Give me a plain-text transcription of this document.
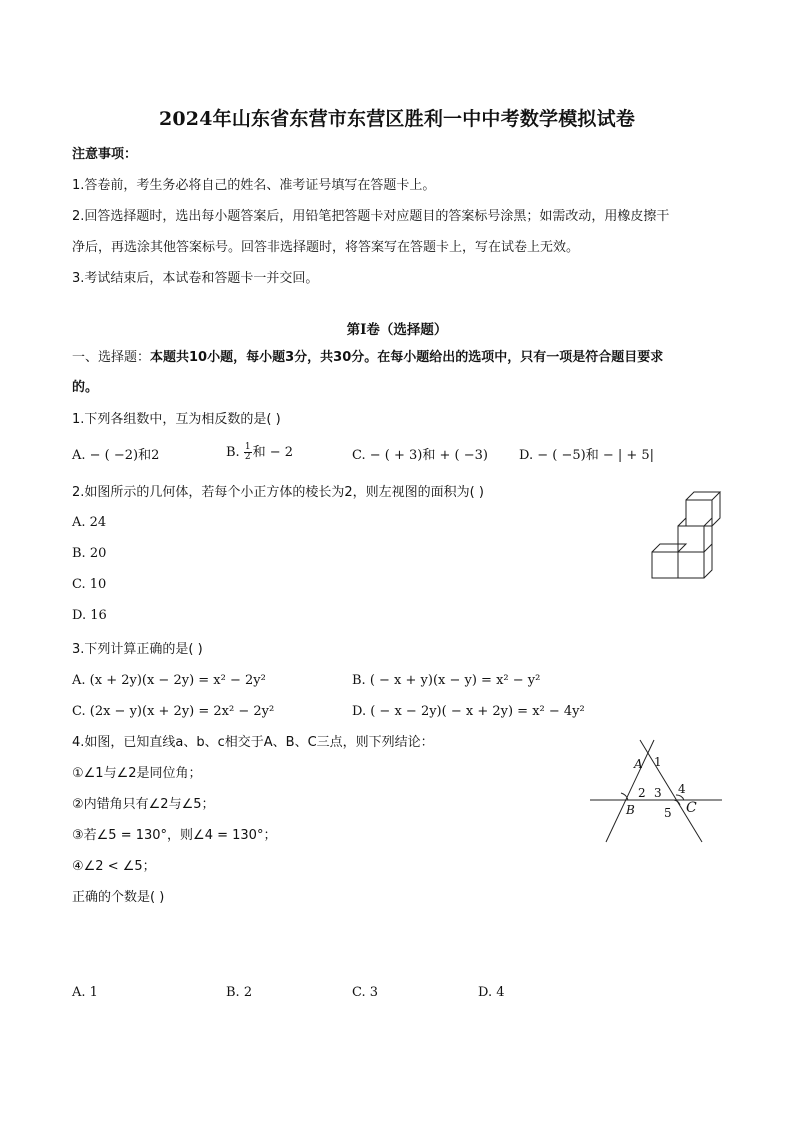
2024年山东省东营市东营区胜利一中中考数学模拟试卷
注意事项：
1.答卷前，考生务必将自己的姓名、准考证号填写在答题卡上。
2.回答选择题时，选出每小题答案后，用铅笔把答题卡对应题目的答案标号涂黑；如需改动，用橡皮擦干
净后，再选涂其他答案标号。回答非选择题时，将答案写在答题卡上，写在试卷上无效。
3.考试结束后，本试卷和答题卡一并交回。
第Ⅰ卷（选择题）
一、选择题：本题共10小题，每小题3分，共30分。在每小题给出的选项中，只有一项是符合题目要求
的。
1.下列各组数中，互为相反数的是( )
A. − ( −2)和2	B. $\frac{1}{2}$ 和 − 2	C. − ( + 3)和 + ( −3) D. − ( −5)和 − | + 5|
2.如图所示的几何体，若每个小正方体的棱长为2，则左视图的面积为( )
A. 24
B. 20
C. 10
D. 16
3.下列计算正确的是( )
A. (x + 2y)(x − 2y) = x² − 2y²	B. ( − x + y)(x − y) = x² − y²
C. (2x − y)(x + 2y) = 2x² − 2y²	D. ( − x − 2y)( − x + 2y) = x² − 4y²
4.如图，已知直线a、b、c相交于A、B、C三点，则下列结论：
①∠1与∠2是同位角；
②内错角只有∠2与∠5；
③若∠5 = 130°，则∠4 = 130°；
④∠2 < ∠5；
正确的个数是( )
A 1
2 3 4
B 5 C
A. 1	B. 2	C. 3	D. 4
